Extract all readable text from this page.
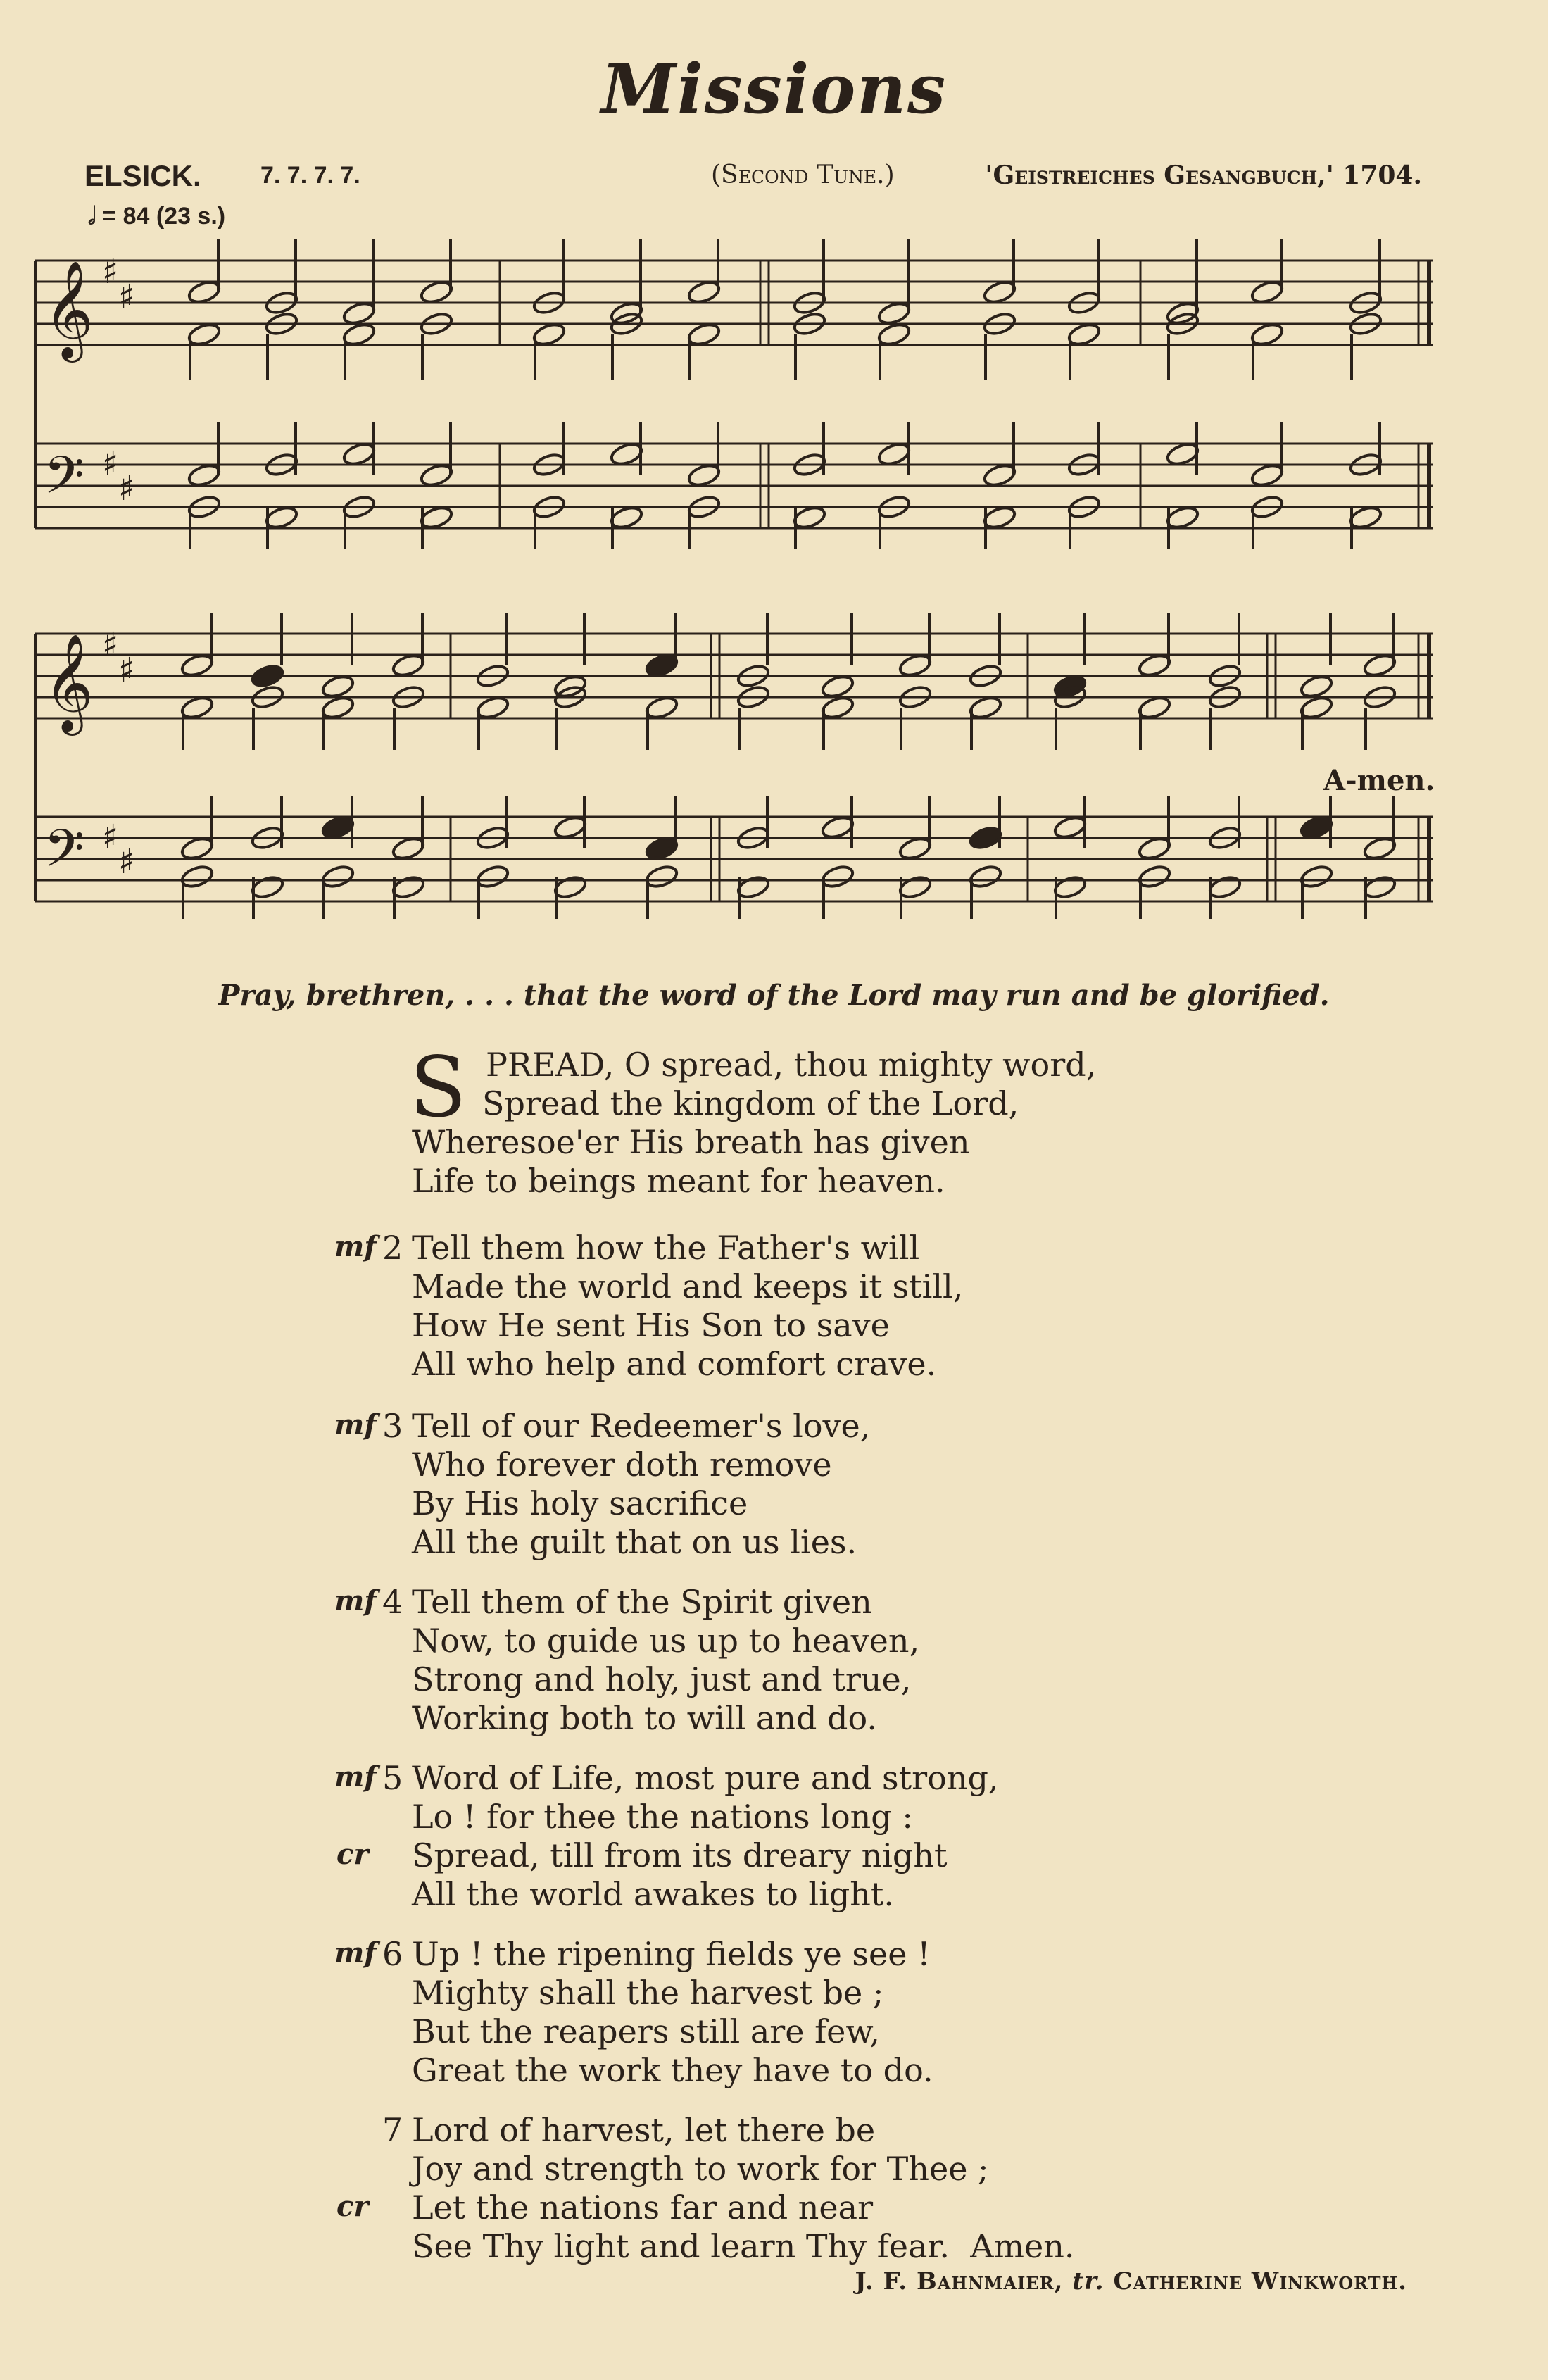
Missions
ELSICK. 7. 7. 7. 7.	(Second Tune.)	'Geistreiches Gesangbuch,' 1704.
𝅗𝅥 = 84 (23 s.)
𝄞
𝄢
𝄞
𝄢
♯
♯
♯
♯
♯
♯
♯
♯
A-men.
Pray, brethren, . . . that the word of the Lord may run and be glorified.
S PREAD, O spread, thou mighty word,
Spread the kingdom of the Lord,
Wheresoe'er His breath has given
Life to beings meant for heaven.
mf 2 Tell them how the Father's will
Made the world and keeps it still,
How He sent His Son to save
All who help and comfort crave.
mf 3 Tell of our Redeemer's love,
Who forever doth remove
By His holy sacrifice
All the guilt that on us lies.
mf 4 Tell them of the Spirit given
Now, to guide us up to heaven,
Strong and holy, just and true,
Working both to will and do.
mf 5 Word of Life, most pure and strong,
Lo ! for thee the nations long :
Spread, till from its dreary night
All the world awakes to light.
cr
mf 6 Up ! the ripening fields ye see !
Mighty shall the harvest be ;
But the reapers still are few,
Great the work they have to do.
7 Lord of harvest, let there be
Joy and strength to work for Thee ;
Let the nations far and near
See Thy light and learn Thy fear.  Amen.
cr
J. F. Bahnmaier, tr. Catherine Winkworth.
